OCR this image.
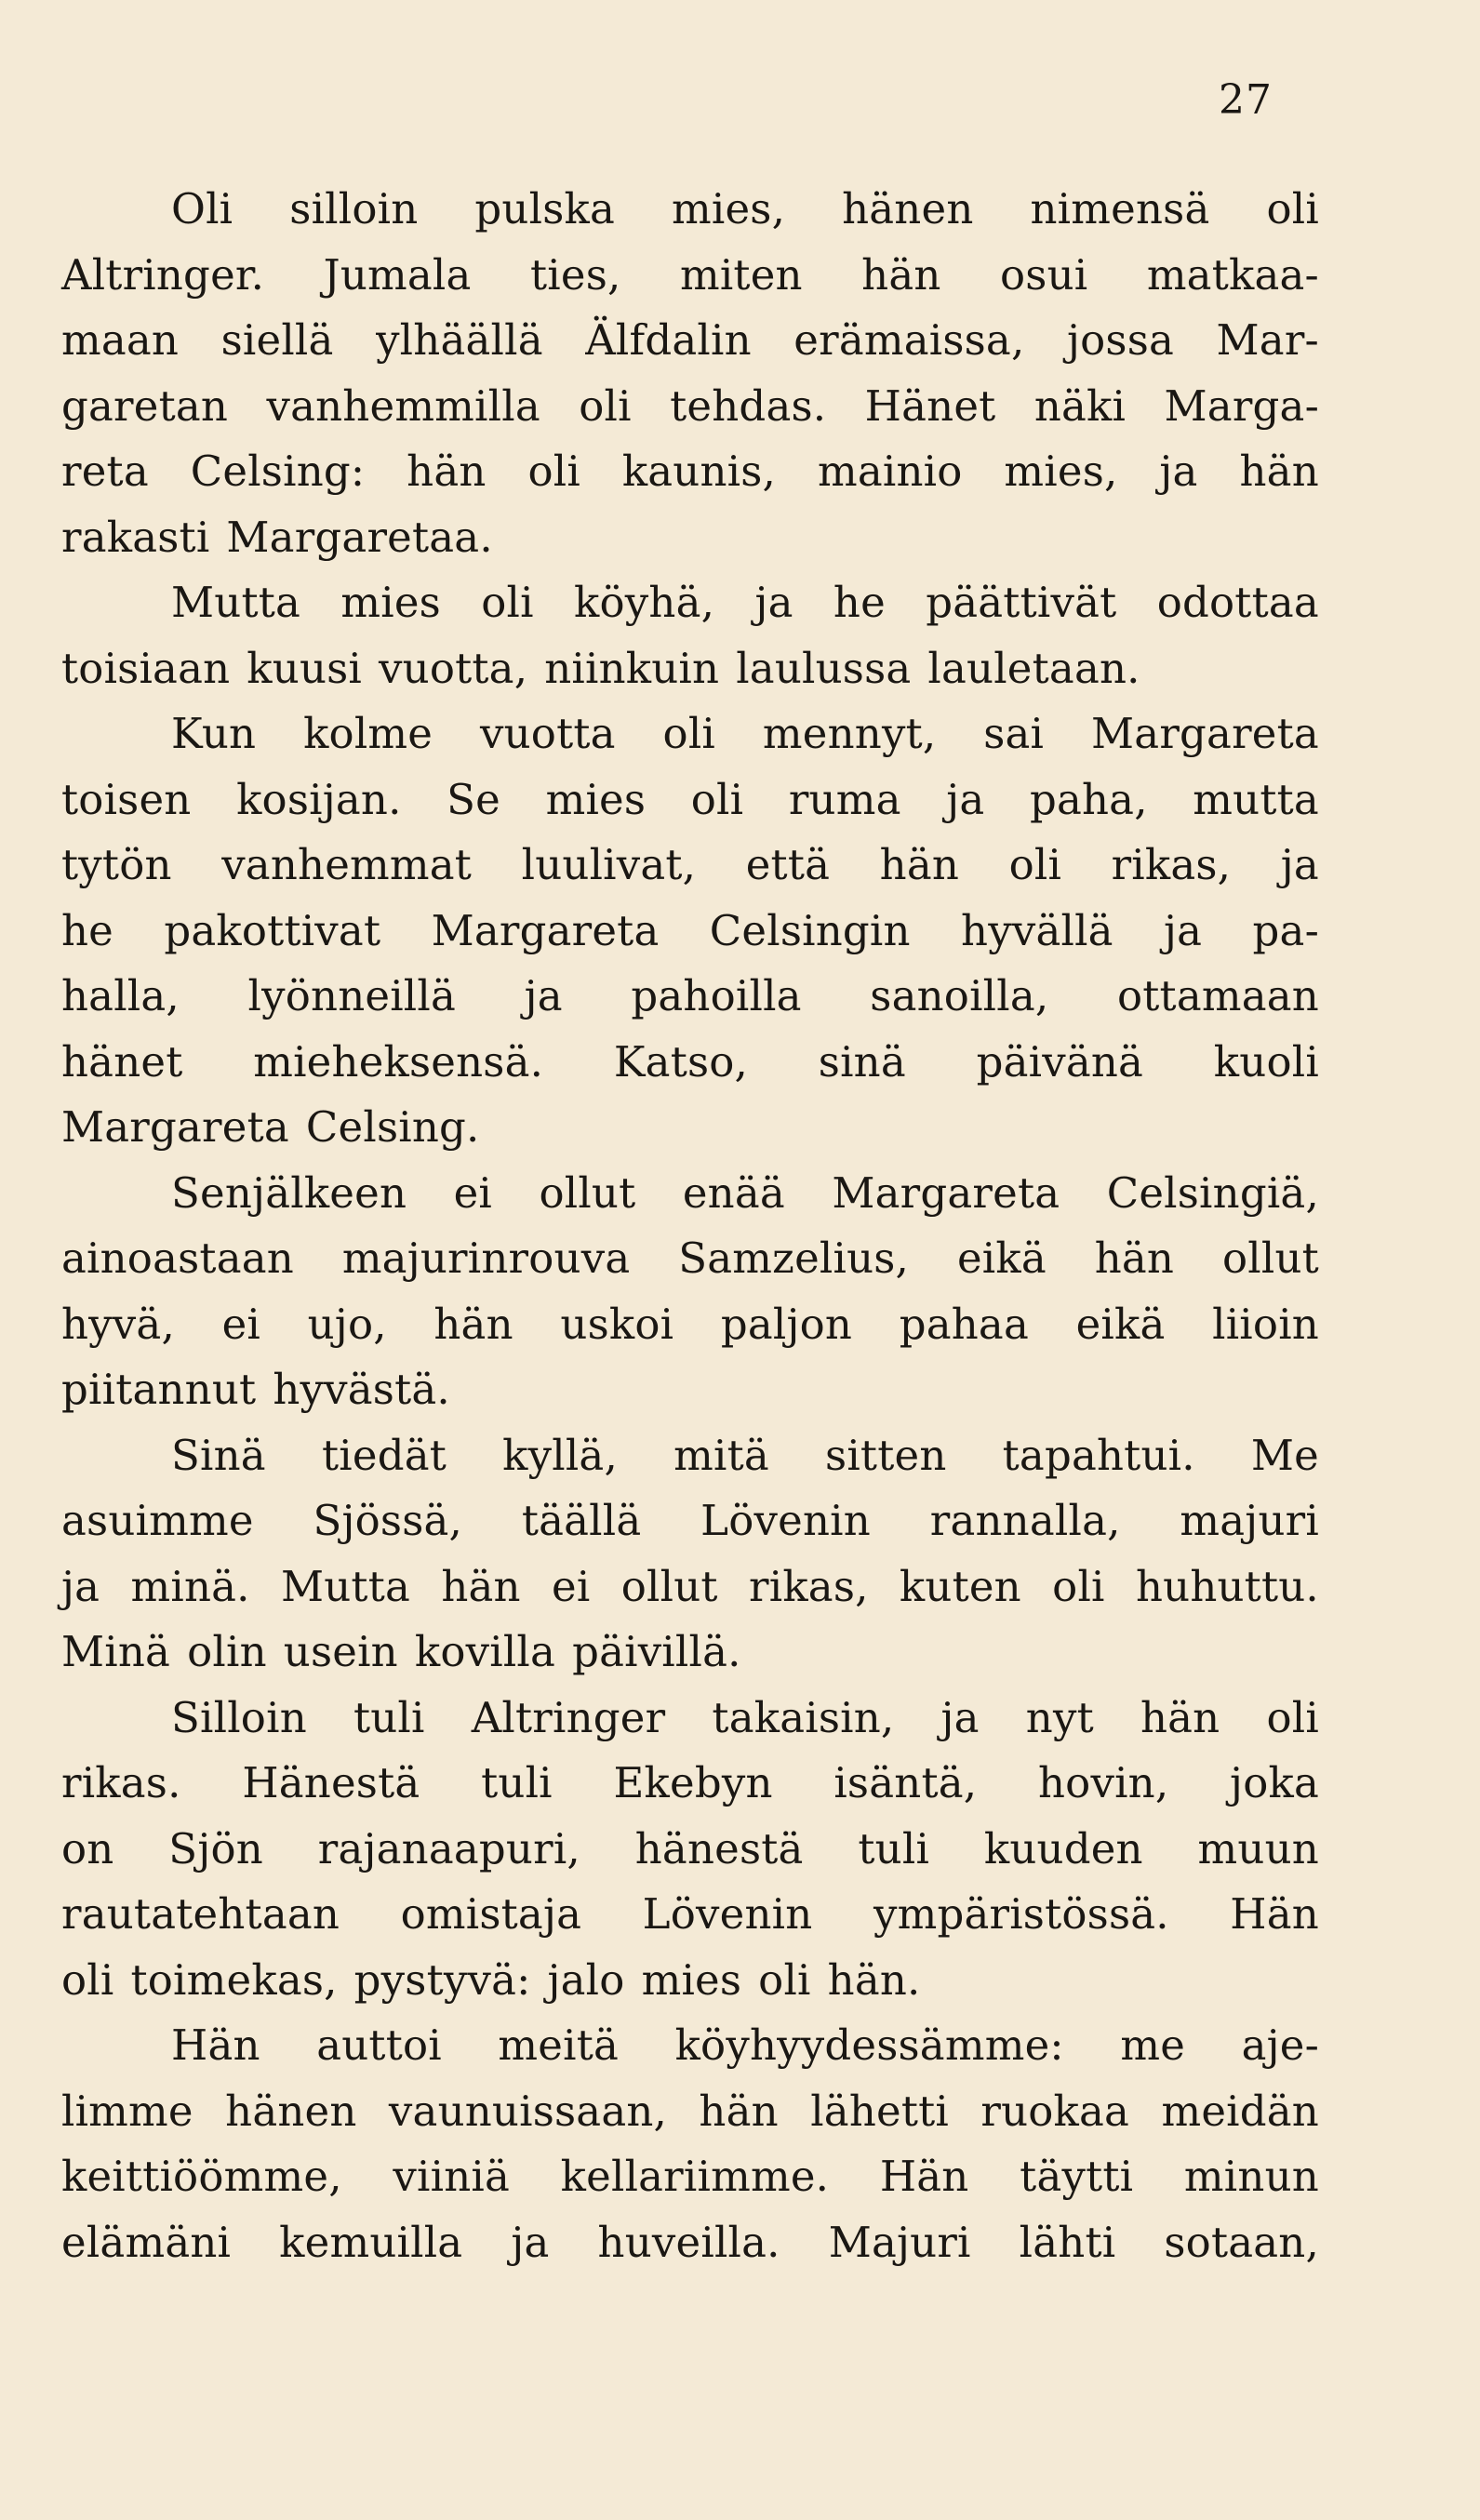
27
Oli silloin pulska mies, hänen nimensä oli
Altringer. Jumala ties, miten hän osui matkaa-
maan siellä ylhäällä Älfdalin erämaissa, jossa Mar-
garetan vanhemmilla oli tehdas. Hänet näki Marga-
reta Celsing: hän oli kaunis, mainio mies, ja hän
rakasti Margaretaa.
Mutta mies oli köyhä, ja he päättivät odottaa
toisiaan kuusi vuotta, niinkuin laulussa lauletaan.
Kun kolme vuotta oli mennyt, sai Margareta
toisen kosijan. Se mies oli ruma ja paha, mutta
tytön vanhemmat luulivat, että hän oli rikas, ja
he pakottivat Margareta Celsingin hyvällä ja pa-
halla, lyönneillä ja pahoilla sanoilla, ottamaan
hänet mieheksensä. Katso, sinä päivänä kuoli
Margareta Celsing.
Senjälkeen ei ollut enää Margareta Celsingiä,
ainoastaan majurinrouva Samzelius, eikä hän ollut
hyvä, ei ujo, hän uskoi paljon pahaa eikä liioin
piitannut hyvästä.
Sinä tiedät kyllä, mitä sitten tapahtui. Me
asuimme Sjössä, täällä Lövenin rannalla, majuri
ja minä. Mutta hän ei ollut rikas, kuten oli huhuttu.
Minä olin usein kovilla päivillä.
Silloin tuli Altringer takaisin, ja nyt hän oli
rikas. Hänestä tuli Ekebyn isäntä, hovin, joka
on Sjön rajanaapuri, hänestä tuli kuuden muun
rautatehtaan omistaja Lövenin ympäristössä. Hän
oli toimekas, pystyvä: jalo mies oli hän.
Hän auttoi meitä köyhyydessämme: me aje-
limme hänen vaunuissaan, hän lähetti ruokaa meidän
keittiöömme, viiniä kellariimme. Hän täytti minun
elämäni kemuilla ja huveilla. Majuri lähti sotaan,
